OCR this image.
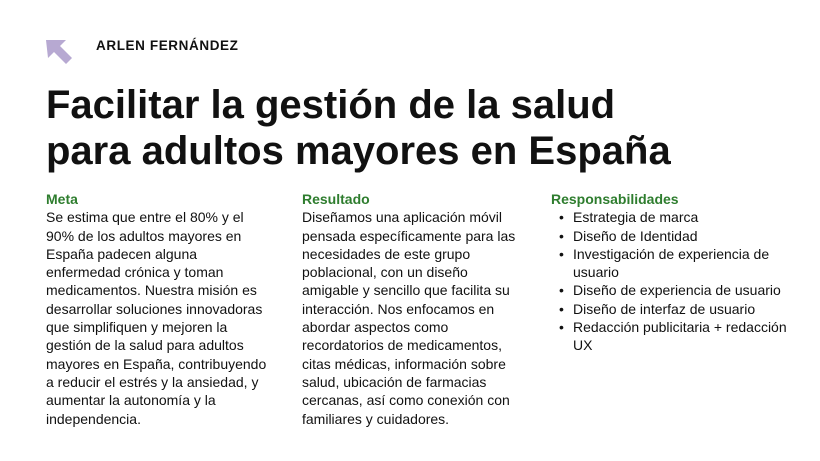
ARLEN FERNÁNDEZ
Facilitar la gestión de la salud
para adultos mayores en España

Meta

Se estima que entre el 80% y el 90% de los adultos mayores en España padecen alguna enfermedad crónica y toman medicamentos. Nuestra misión es desarrollar soluciones innovadoras que simplifiquen y mejoren la gestión de la salud para adultos mayores en España, contribuyendo a reducir el estrés y la ansiedad, y aumentar la autonomía y la independencia.

Resultado

Diseñamos una aplicación móvil pensada específicamente para las necesidades de este grupo poblacional, con un diseño amigable y sencillo que facilita su interacción. Nos enfocamos en abordar aspectos como recordatorios de medicamentos, citas médicas, información sobre salud, ubicación de farmacias cercanas, así como conexión con familiares y cuidadores.

Responsabilidades

• Estrategia de marca
• Diseño de Identidad
• Investigación de experiencia de usuario
• Diseño de experiencia de usuario
• Diseño de interfaz de usuario
• Redacción publicitaria + redacción UX
